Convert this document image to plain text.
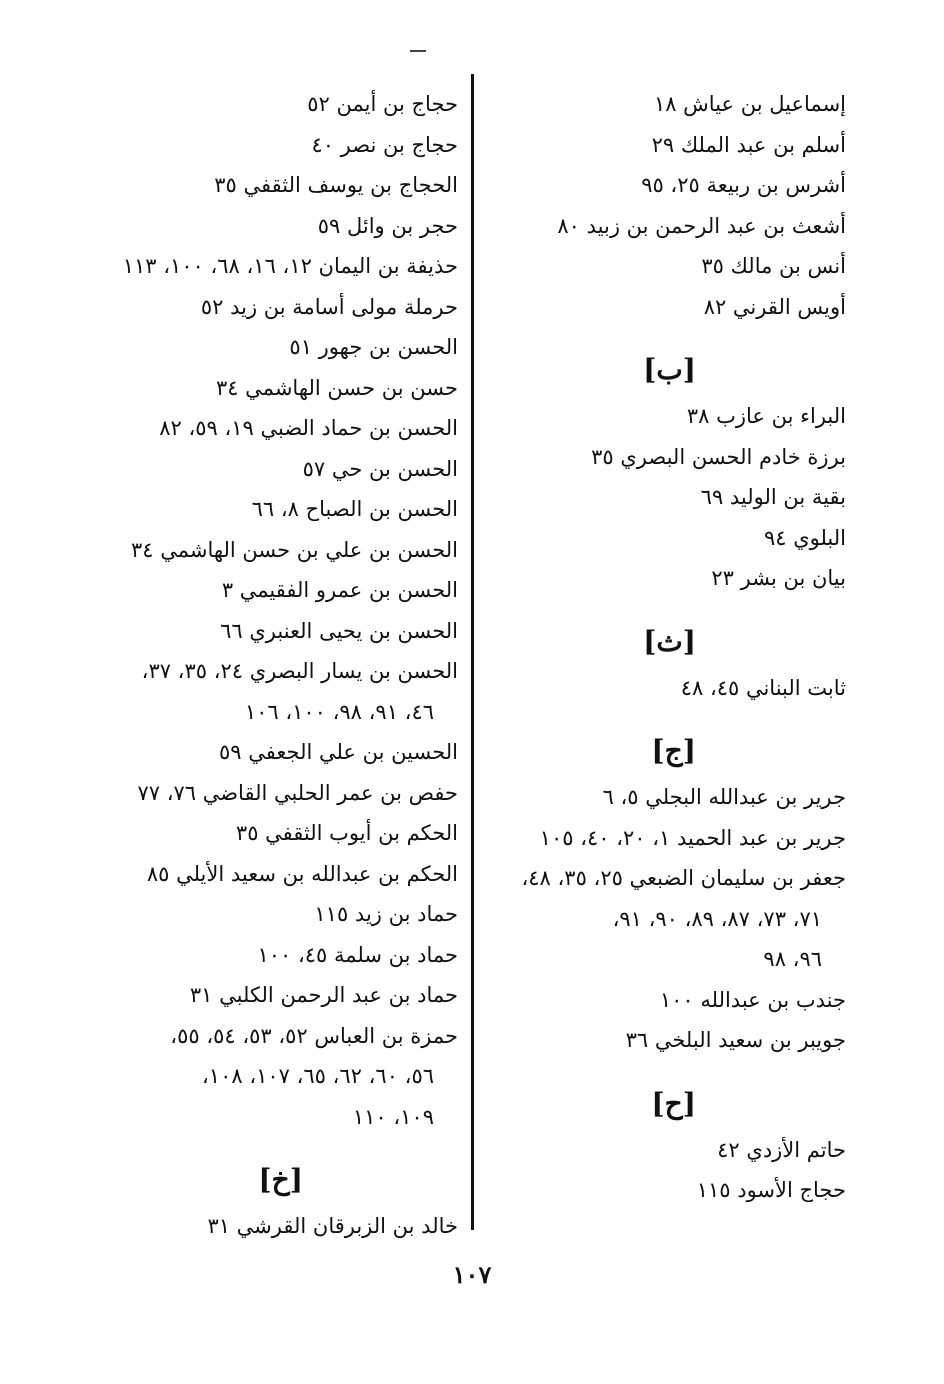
إسماعيل بن عياش ١٨
أسلم بن عبد الملك ٢٩
أشرس بن ربيعة ٢٥، ٩٥
أشعث بن عبد الرحمن بن زبيد ٨٠
أنس بن مالك ٣٥
أويس القرني ٨٢
[ب]
البراء بن عازب ٣٨
برزة خادم الحسن البصري ٣٥
بقية بن الوليد ٦٩
البلوي ٩٤
بيان بن بشر ٢٣
[ث]
ثابت البناني ٤٥، ٤٨
[ج]
جرير بن عبدالله البجلي ٥، ٦
جرير بن عبد الحميد ١، ٢٠، ٤٠، ١٠٥
جعفر بن سليمان الضبعي ٢٥، ٣٥، ٤٨،
٧١، ٧٣، ٨٧، ٨٩، ٩٠، ٩١،
٩٦، ٩٨
جندب بن عبدالله ١٠٠
جويبر بن سعيد البلخي ٣٦
[ح]
حاتم الأزدي ٤٢
حجاج الأسود ١١٥
حجاج بن أيمن ٥٢
حجاج بن نصر ٤٠
الحجاج بن يوسف الثقفي ٣٥
حجر بن وائل ٥٩
حذيفة بن اليمان ١٢، ١٦، ٦٨، ١٠٠، ١١٣
حرملة مولى أسامة بن زيد ٥٢
الحسن بن جهور ٥١
حسن بن حسن الهاشمي ٣٤
الحسن بن حماد الضبي ١٩، ٥٩، ٨٢
الحسن بن حي ٥٧
الحسن بن الصباح ٨، ٦٦
الحسن بن علي بن حسن الهاشمي ٣٤
الحسن بن عمرو الفقيمي ٣
الحسن بن يحيى العنبري ٦٦
الحسن بن يسار البصري ٢٤، ٣٥، ٣٧،
٤٦، ٩١، ٩٨، ١٠٠، ١٠٦
الحسين بن علي الجعفي ٥٩
حفص بن عمر الحلبي القاضي ٧٦، ٧٧
الحكم بن أيوب الثقفي ٣٥
الحكم بن عبدالله بن سعيد الأيلي ٨٥
حماد بن زيد ١١٥
حماد بن سلمة ٤٥، ١٠٠
حماد بن عبد الرحمن الكلبي ٣١
حمزة بن العباس ٥٢، ٥٣، ٥٤، ٥٥،
٥٦، ٦٠، ٦٢، ٦٥، ١٠٧، ١٠٨،
١٠٩، ١١٠
[خ]
خالد بن الزبرقان القرشي ٣١
١٠٧
